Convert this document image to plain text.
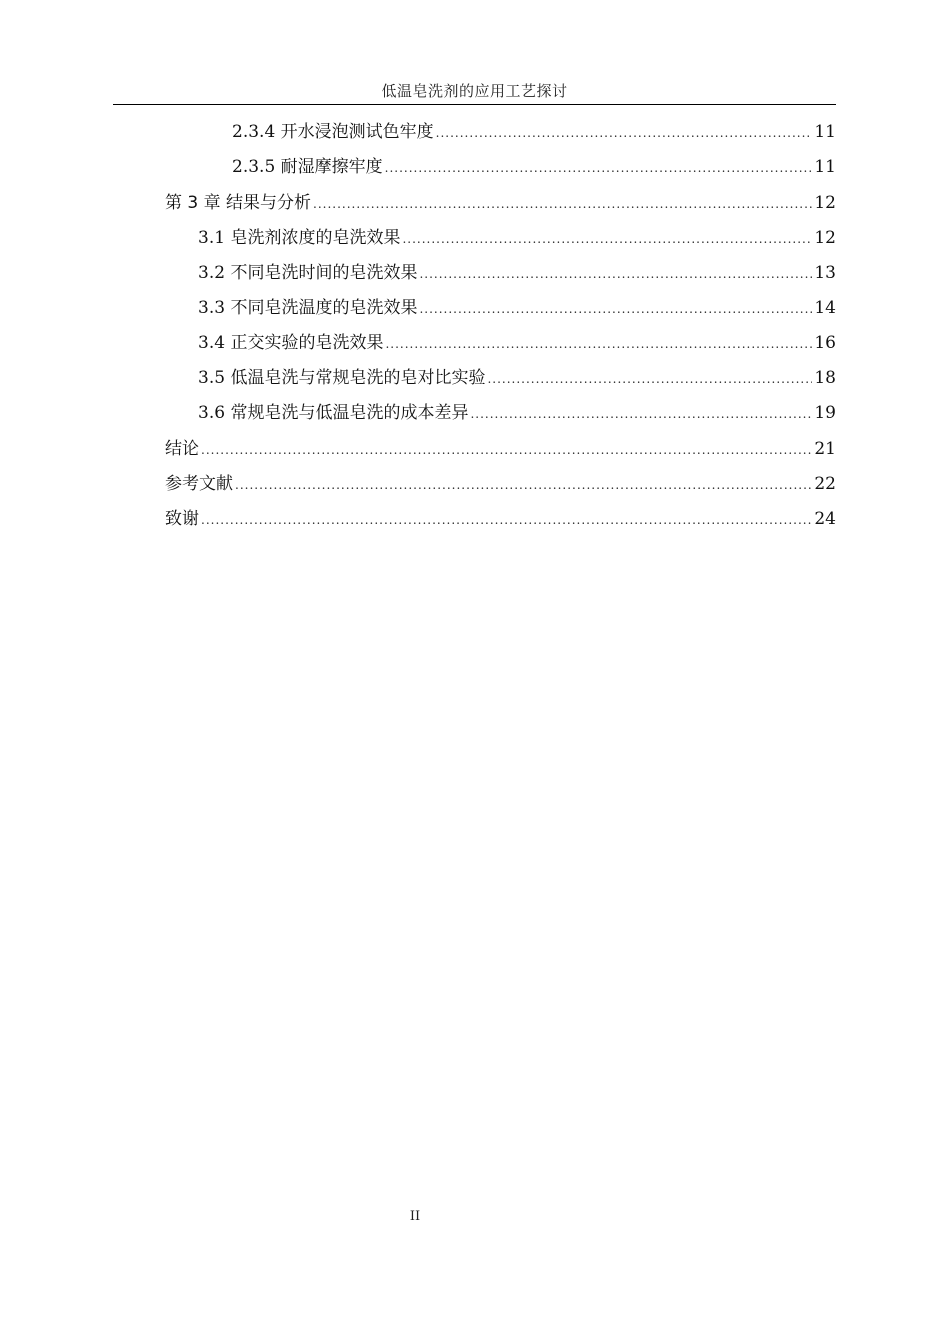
低温皂洗剂的应用工艺探讨
2.3.4 开水浸泡测试色牢度 .....	11
2.3.5 耐湿摩擦牢度 .....	11
第 3 章 结果与分析 .....	12
3.1 皂洗剂浓度的皂洗效果 .....	12
3.2 不同皂洗时间的皂洗效果 .....	13
3.3 不同皂洗温度的皂洗效果 .....	14
3.4 正交实验的皂洗效果 .....	16
3.5 低温皂洗与常规皂洗的皂对比实验 .....	18
3.6 常规皂洗与低温皂洗的成本差异 .....	19
结论 .....	21
参考文献 .....	22
致谢 .....	24
II
